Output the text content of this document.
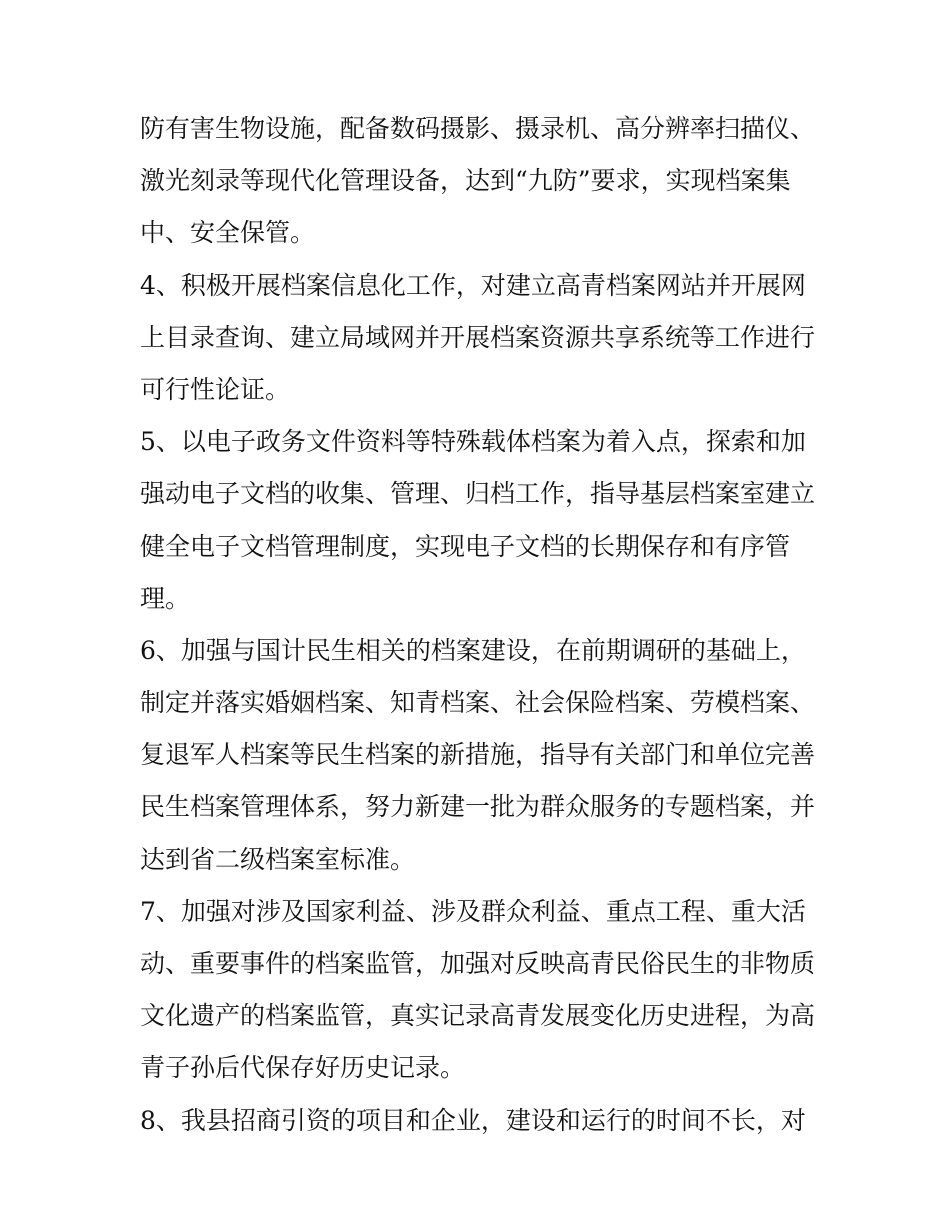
防有害生物设施，配备数码摄影、摄录机、高分辨率扫描仪、
激光刻录等现代化管理设备，达到“九防”要求，实现档案集
中、安全保管。
4、积极开展档案信息化工作，对建立高青档案网站并开展网
上目录查询、建立局域网并开展档案资源共享系统等工作进行
可行性论证。
5、以电子政务文件资料等特殊载体档案为着入点，探索和加
强动电子文档的收集、管理、归档工作，指导基层档案室建立
健全电子文档管理制度，实现电子文档的长期保存和有序管
理。
6、加强与国计民生相关的档案建设，在前期调研的基础上，
制定并落实婚姻档案、知青档案、社会保险档案、劳模档案、
复退军人档案等民生档案的新措施，指导有关部门和单位完善
民生档案管理体系，努力新建一批为群众服务的专题档案，并
达到省二级档案室标准。
7、加强对涉及国家利益、涉及群众利益、重点工程、重大活
动、重要事件的档案监管，加强对反映高青民俗民生的非物质
文化遗产的档案监管，真实记录高青发展变化历史进程，为高
青子孙后代保存好历史记录。
8、我县招商引资的项目和企业，建设和运行的时间不长，对
